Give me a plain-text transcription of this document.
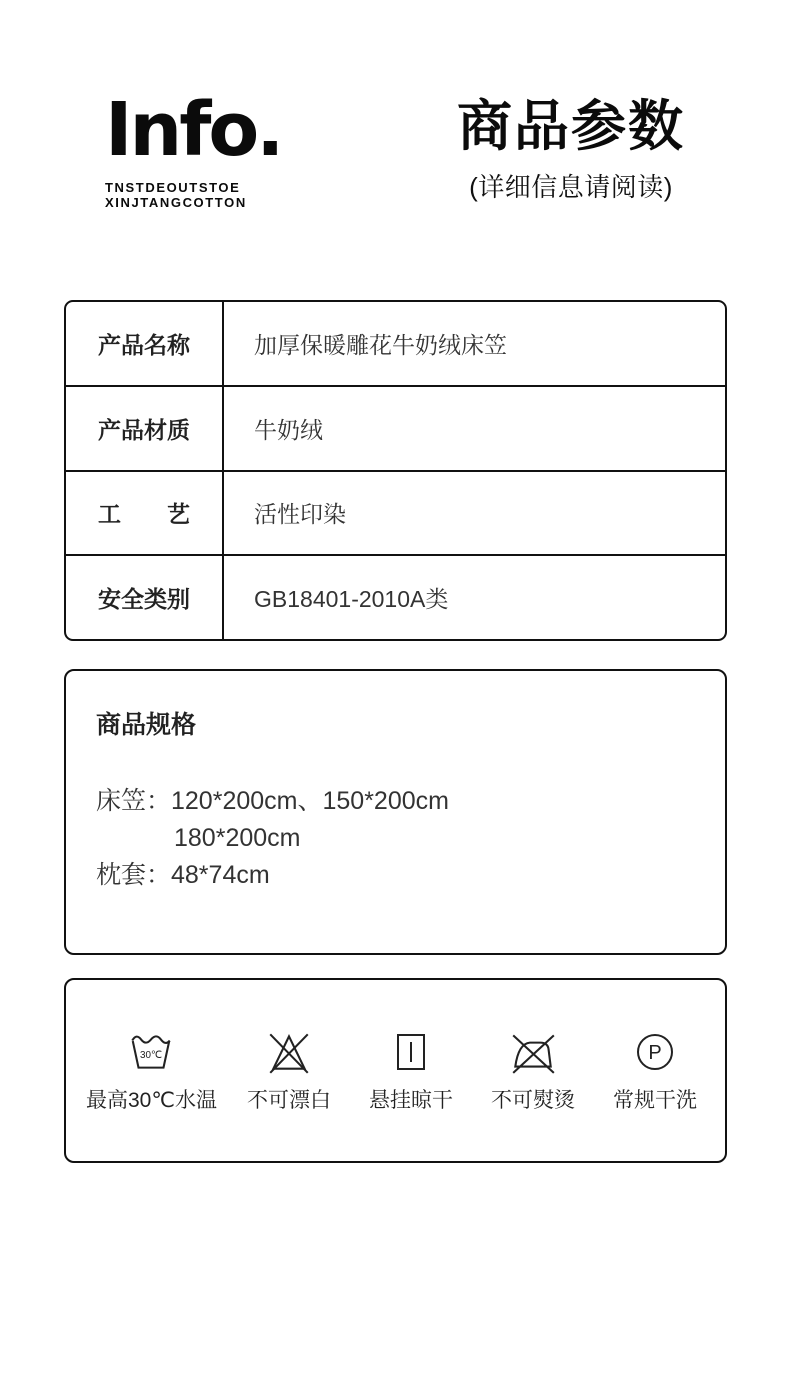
Info.
TNSTDEOUTSTOE
XINJTANGCOTTON
商品参数
(详细信息请阅读)
产品名称	加厚保暖雕花牛奶绒床笠
产品材质	牛奶绒
工　　艺	活性印染
安全类别	GB18401-2010A类
商品规格
床笠：120*200cm、150*200cm
180*200cm
枕套：48*74cm
30℃
最高30℃水温 不可漂白 悬挂晾干 不可熨烫
P
常规干洗
